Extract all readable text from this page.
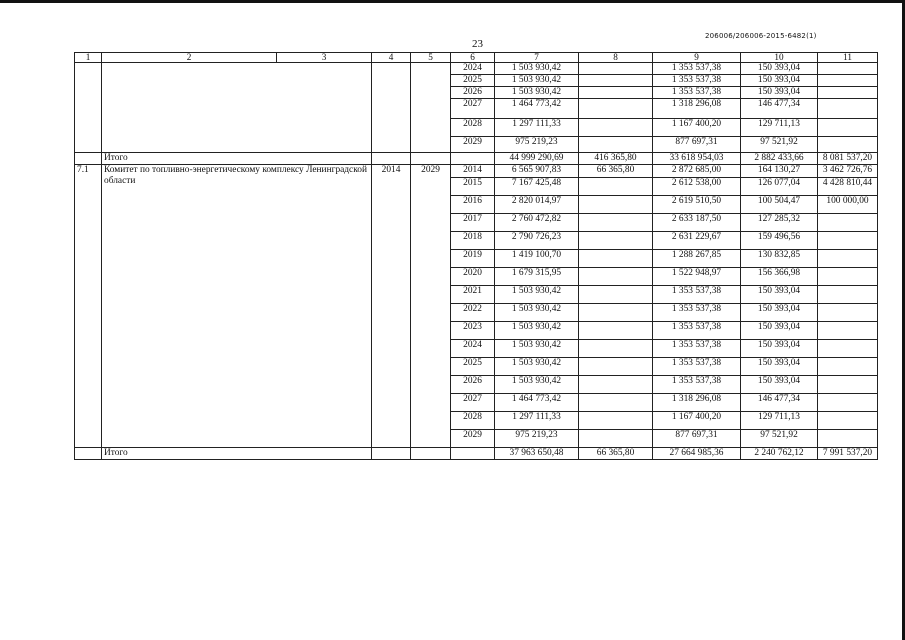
206006/206006-2015-6482(1)
23
1	2	3	4	5	6	7	8	9	10	11
					2024	1 503 930,42		1 353 537,38	150 393,04	
					2025	1 503 930,42		1 353 537,38	150 393,04	
					2026	1 503 930,42		1 353 537,38	150 393,04	
					2027	1 464 773,42		1 318 296,08	146 477,34	
					2028	1 297 111,33		1 167 400,20	129 711,13	
					2029	975 219,23		877 697,31	97 521,92	
	Итого					44 999 290,69	416 365,80	33 618 954,03	2 882 433,66	8 081 537,20
7.1	Комитет по топливно-энергетическому комплексу Ленинградской области		2014	2029	2014	6 565 907,83	66 365,80	2 872 685,00	164 130,27	3 462 726,76
					2015	7 167 425,48		2 612 538,00	126 077,04	4 428 810,44
					2016	2 820 014,97		2 619 510,50	100 504,47	100 000,00
					2017	2 760 472,82		2 633 187,50	127 285,32	
					2018	2 790 726,23		2 631 229,67	159 496,56	
					2019	1 419 100,70		1 288 267,85	130 832,85	
					2020	1 679 315,95		1 522 948,97	156 366,98	
					2021	1 503 930,42		1 353 537,38	150 393,04	
					2022	1 503 930,42		1 353 537,38	150 393,04	
					2023	1 503 930,42		1 353 537,38	150 393,04	
					2024	1 503 930,42		1 353 537,38	150 393,04	
					2025	1 503 930,42		1 353 537,38	150 393,04	
					2026	1 503 930,42		1 353 537,38	150 393,04	
					2027	1 464 773,42		1 318 296,08	146 477,34	
					2028	1 297 111,33		1 167 400,20	129 711,13	
					2029	975 219,23		877 697,31	97 521,92	
	Итого					37 963 650,48	66 365,80	27 664 985,36	2 240 762,12	7 991 537,20
